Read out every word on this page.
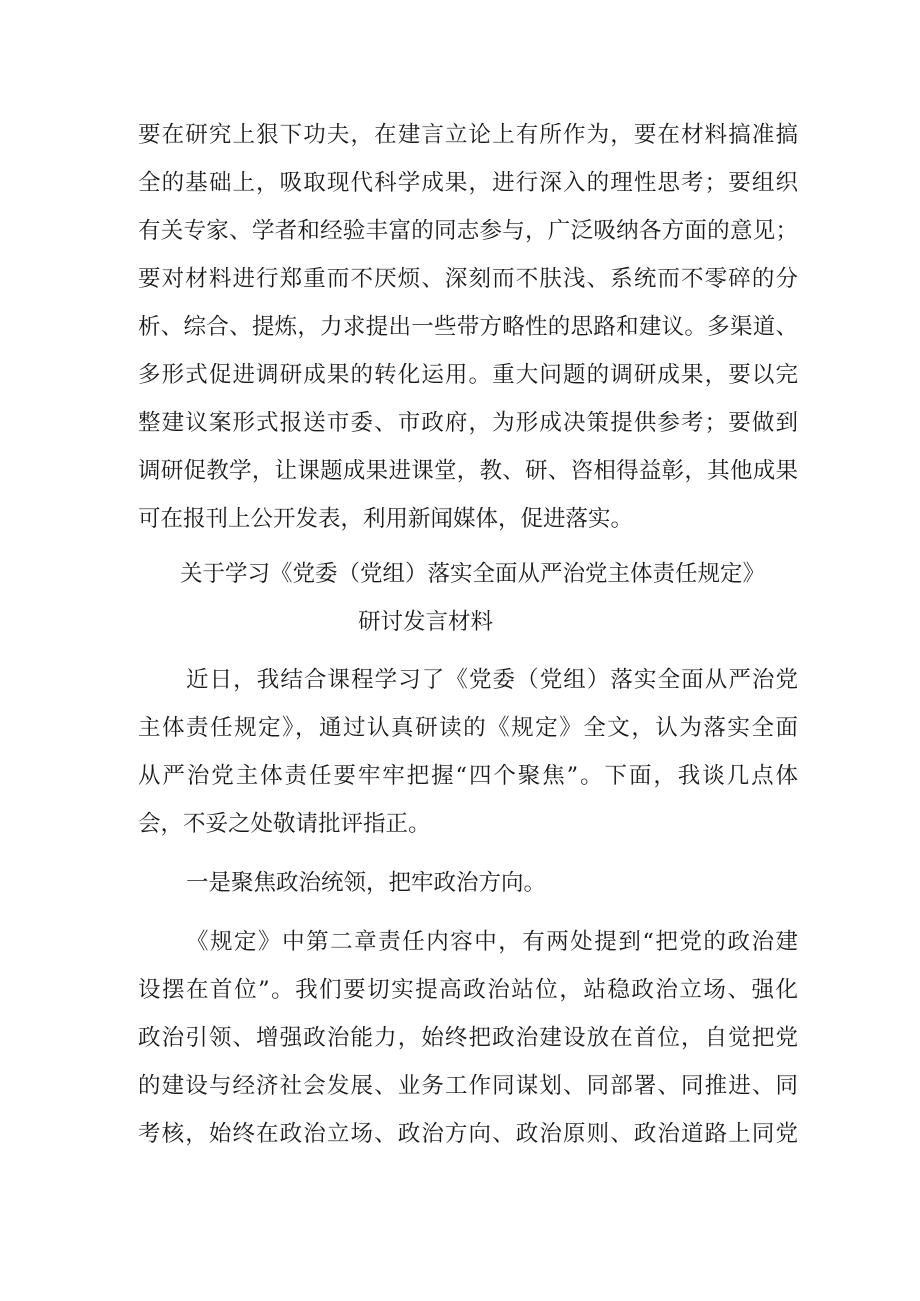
要在研究上狠下功夫，在建言立论上有所作为，要在材料搞准搞
全的基础上，吸取现代科学成果，进行深入的理性思考；要组织
有关专家、学者和经验丰富的同志参与，广泛吸纳各方面的意见；
要对材料进行郑重而不厌烦、深刻而不肤浅、系统而不零碎的分
析、综合、提炼，力求提出一些带方略性的思路和建议。多渠道、
多形式促进调研成果的转化运用。重大问题的调研成果，要以完
整建议案形式报送市委、市政府，为形成决策提供参考；要做到
调研促教学，让课题成果进课堂，教、研、咨相得益彰，其他成果
可在报刊上公开发表，利用新闻媒体，促进落实。
关于学习《党委（党组）落实全面从严治党主体责任规定》
研讨发言材料
近日，我结合课程学习了《党委（党组）落实全面从严治党
主体责任规定》，通过认真研读的《规定》全文，认为落实全面
从严治党主体责任要牢牢把握“四个聚焦”。下面，我谈几点体
会，不妥之处敬请批评指正。
一是聚焦政治统领，把牢政治方向。
《规定》中第二章责任内容中，有两处提到“把党的政治建
设摆在首位”。我们要切实提高政治站位，站稳政治立场、强化
政治引领、增强政治能力，始终把政治建设放在首位，自觉把党
的建设与经济社会发展、业务工作同谋划、同部署、同推进、同
考核，始终在政治立场、政治方向、政治原则、政治道路上同党
